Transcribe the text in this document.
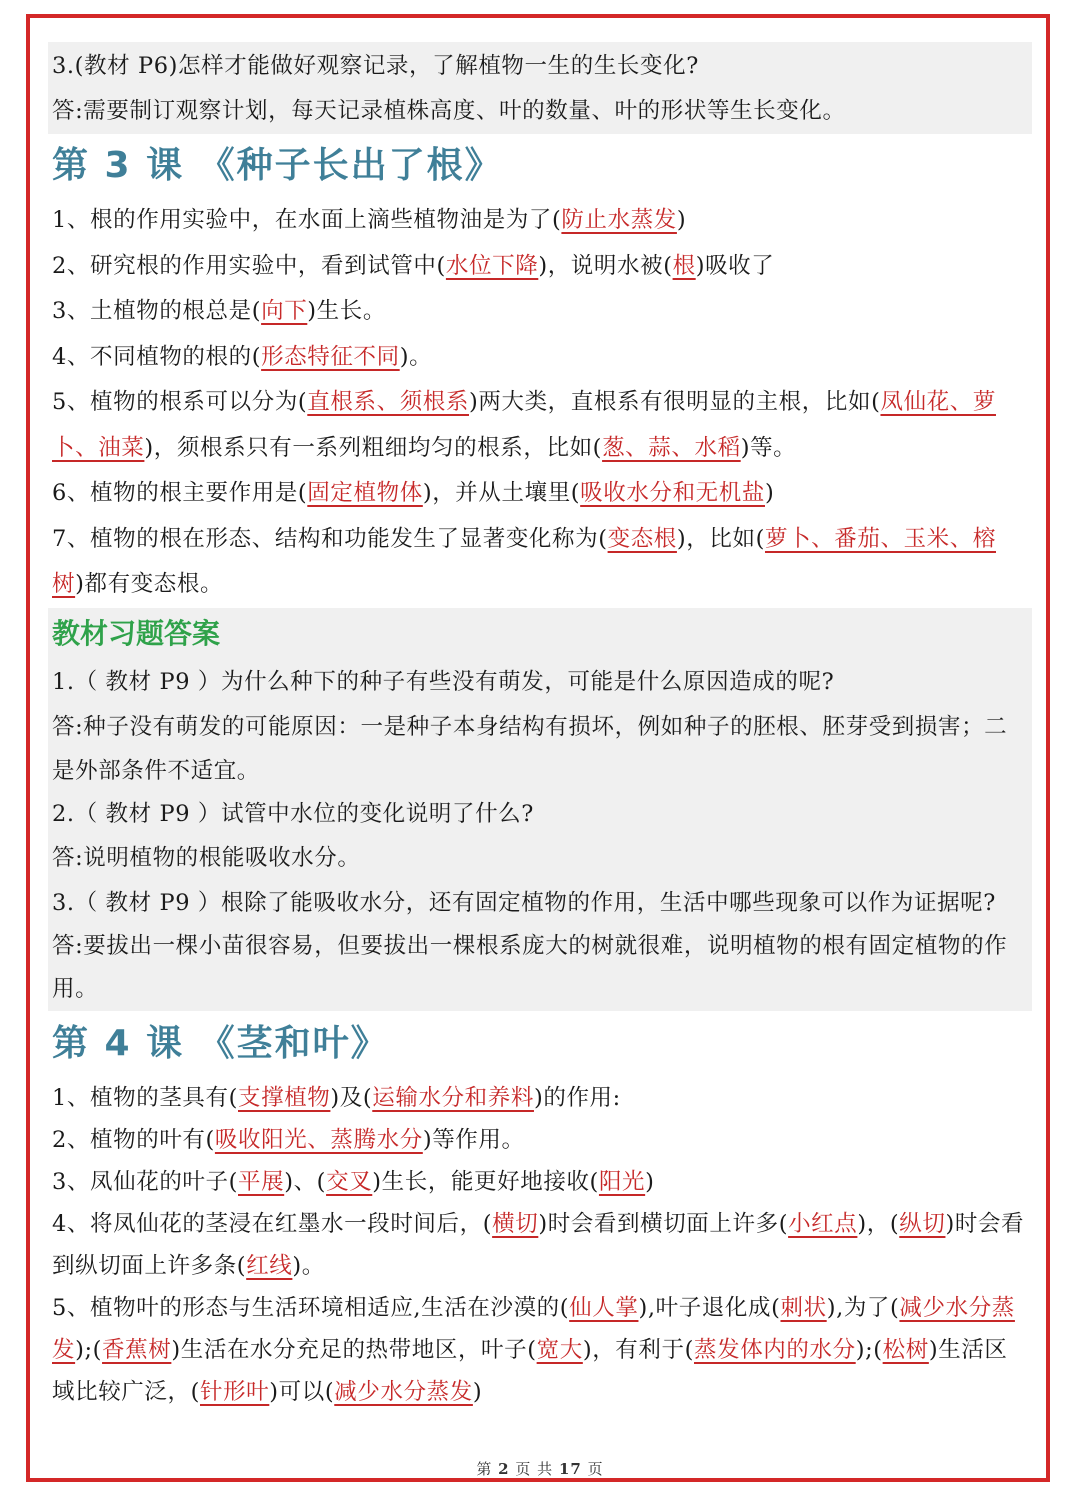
3.(教材 P6)怎样才能做好观察记录，了解植物一生的生长变化?

答:需要制订观察计划，每天记录植株高度、叶的数量、叶的形状等生长变化。

第 3 课 《种子长出了根》

1、根的作用实验中，在水面上滴些植物油是为了(防止水蒸发)

2、研究根的作用实验中，看到试管中(水位下降)，说明水被(根)吸收了

3、土植物的根总是(向下)生长。

4、不同植物的根的(形态特征不同)。

5、植物的根系可以分为(直根系、须根系)两大类，直根系有很明显的主根，比如(凤仙花、萝卜、油菜)，须根系只有一系列粗细均匀的根系，比如(葱、蒜、水稻)等。

6、植物的根主要作用是(固定植物体)，并从土壤里(吸收水分和无机盐)

7、植物的根在形态、结构和功能发生了显著变化称为(变态根)，比如(萝卜、番茄、玉米、榕树)都有变态根。

教材习题答案

1.（ 教材 P9 ）为什么种下的种子有些没有萌发，可能是什么原因造成的呢?

答:种子没有萌发的可能原因：一是种子本身结构有损坏，例如种子的胚根、胚芽受到损害；二是外部条件不适宜。

2.（ 教材 P9 ）试管中水位的变化说明了什么?

答:说明植物的根能吸收水分。

3.（ 教材 P9 ）根除了能吸收水分，还有固定植物的作用，生活中哪些现象可以作为证据呢?

答:要拔出一棵小苗很容易，但要拔出一棵根系庞大的树就很难，说明植物的根有固定植物的作用。

第 4 课 《茎和叶》

1、植物的茎具有(支撑植物)及(运输水分和养料)的作用:

2、植物的叶有(吸收阳光、蒸腾水分)等作用。

3、凤仙花的叶子(平展)、(交叉)生长，能更好地接收(阳光)

4、将凤仙花的茎浸在红墨水一段时间后，(横切)时会看到横切面上许多(小红点)，(纵切)时会看到纵切面上许多条(红线)。

5、植物叶的形态与生活环境相适应,生活在沙漠的(仙人掌),叶子退化成(刺状),为了(减少水分蒸发);(香蕉树)生活在水分充足的热带地区，叶子(宽大)，有利于(蒸发体内的水分);(松树)生活区域比较广泛，(针形叶)可以(减少水分蒸发)

第 2 页 共 17 页
